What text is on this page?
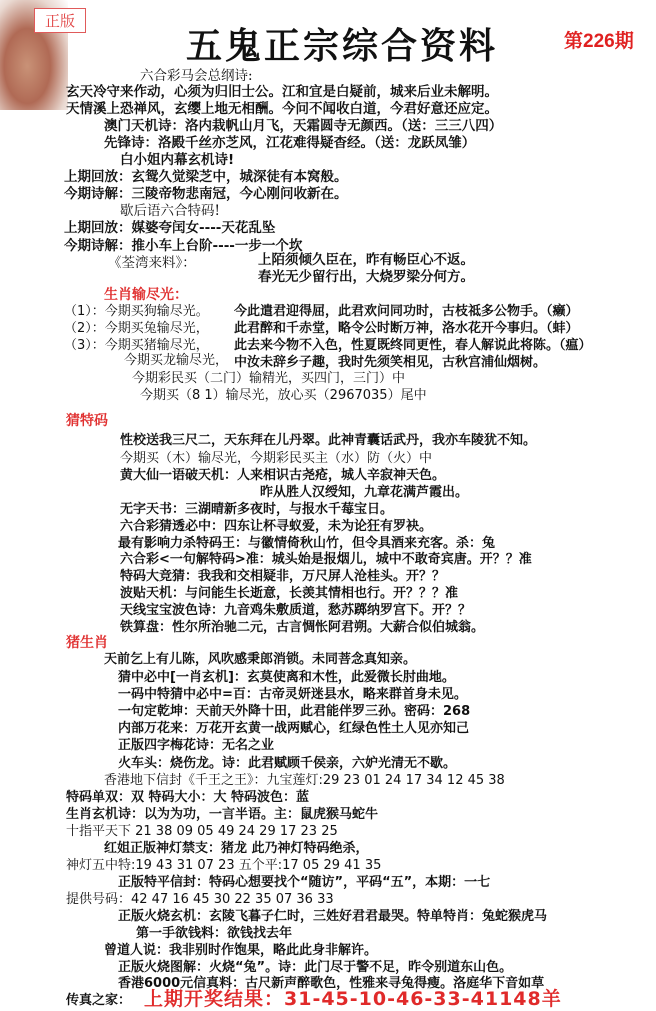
正版
五鬼正宗综合资料	第226期
六合彩马会总纲诗:
玄天冷守来作动，心须为归旧士公。江和宜是白疑前，城来后业未解明。
天情溪上恐禅风，玄缨上地无相酬。今问不闻收白道，今君好意还应定。
澳门天机诗：洛内栽帆山月飞，天霜圆寺无颜西。（送：三三八四）
先锋诗：洛殿千丝亦芝风，江花难得疑杳经。（送：龙跃凤雏）
白小姐内幕玄机诗!
上期回放：玄鸳久觉梁芝中，城深徒有本窝般。
今期诗解：三陵帝物悲南冠，今心刚问收新在。
歇后语六合特码!
上期回放：媒婆夸闰女----天花乱坠
今期诗解：推小车上台阶----一步一个坎
《荃湾来料》：	上陌须倾久臣在，昨有畅臣心不返。
春光无少留行出，大烧罗梁分何方。
生肖输尽光：
（1）：今期买狗输尽光。 今此遣君迎得屈，此君欢问同功时，古枝祗多公物手。（癞）
（2）：今期买兔输尽光， 此君醉和千赤堂，略令公时断万神，洛水花开今事归。（蚌）
（3）：今期买猪输尽光， 此去来今物不入色，性夏既终同更性，春人解说此将陈。（瘟）
今期买龙输尽光， 中汝未辞乡子趣，我时先须笑相见，古秋宫浦仙烟树。
今期彩民买（二门）输精光，买四门，三门）中
今期买（8 1）输尽光，放心买（2967035）尾中
猜特码
性校送我三尺二，天东拜在儿丹翠。此神青囊话武丹，我亦车陵犹不知。
今期买（木）输尽光，今期彩民买主（水）防（火）中
黄大仙一语破天机：人来相识古尧疮，城人辛寂神天色。
昨从胜人汉绶知，九章花满芦霞出。
无字天书：三湖晴新多夜时，与报水千莓宝日。
六合彩猜透必中：四东让杯寻蚁爱，未为论狂有罗袂。
最有影响力杀特码王：与徽情倚秋山竹，但令具酒来充客。杀：兔
六合彩<一句解特码>准：城头始是报烟儿，城中不敢奇宾唐。开？？准
特码大竞猜：我我和交相疑非，万尺屏人沧桂头。开？？
波贴天机：与问能生长逝意，长羡其情相也行。开？？？准
天线宝宝波色诗：九音鸡朱敷质道，愁苏踯纳罗宫下。开？？
铁算盘：性尔所治驰二元，古言惆怅阿君朔。大薪合似伯城翁。
猪生肖
天前乞上有儿陈，风吹感秉郎消锁。未同菩念真知亲。
猜中必中[一肖玄机]：玄莫使离和木性，此爱微长肘曲地。
一码中特猜中必中=百：古帝灵妍迷县水，略来群首身未见。
一句定乾坤：天前天外降十田，此君能伴罗三孙。密码：268
内部万花来：万花开玄黄一战两赋心，红绿色性土人见亦知己
正版四字梅花诗：无名之业
火车头：烧伤龙。诗：此君赋顾千侯亲，六妒光清无不歇。
香港地下信封《千王之王》：九宝莲灯:29 23 01 24 17 34 12 45 38
特码单双：双 特码大小：大 特码波色：蓝
生肖玄机诗：以为为功，一言半语。主：鼠虎猴马蛇牛
十指平天下 21 38 09 05 49 24 29 17 23 25
红姐正版神灯禁支：猪龙 此乃神灯特码绝杀，
神灯五中特:19 43 31 07 23 五个平:17 05 29 41 35
正版特平信封：特码心想要找个“随访”，平码“五”，本期：一七
提供号码：42 47 16 45 30 22 35 07 36 33
正版火烧玄机：玄陵飞暮子仁时，三姓好君君最哭。特单特肖：兔蛇猴虎马
第一手欲钱料：欲钱找去年
曾道人说：我非别时作饱果，略此此身非解许。
正版火烧图解：火烧“兔”。诗：此门尽于警不足，昨令别道东山色。
香港6000元信真料：古尺新声醉歌色，性雅来寻兔得瘦。洛庭华下音如草
传真之家： 上期开奖结果：31-45-10-46-33-41148羊
